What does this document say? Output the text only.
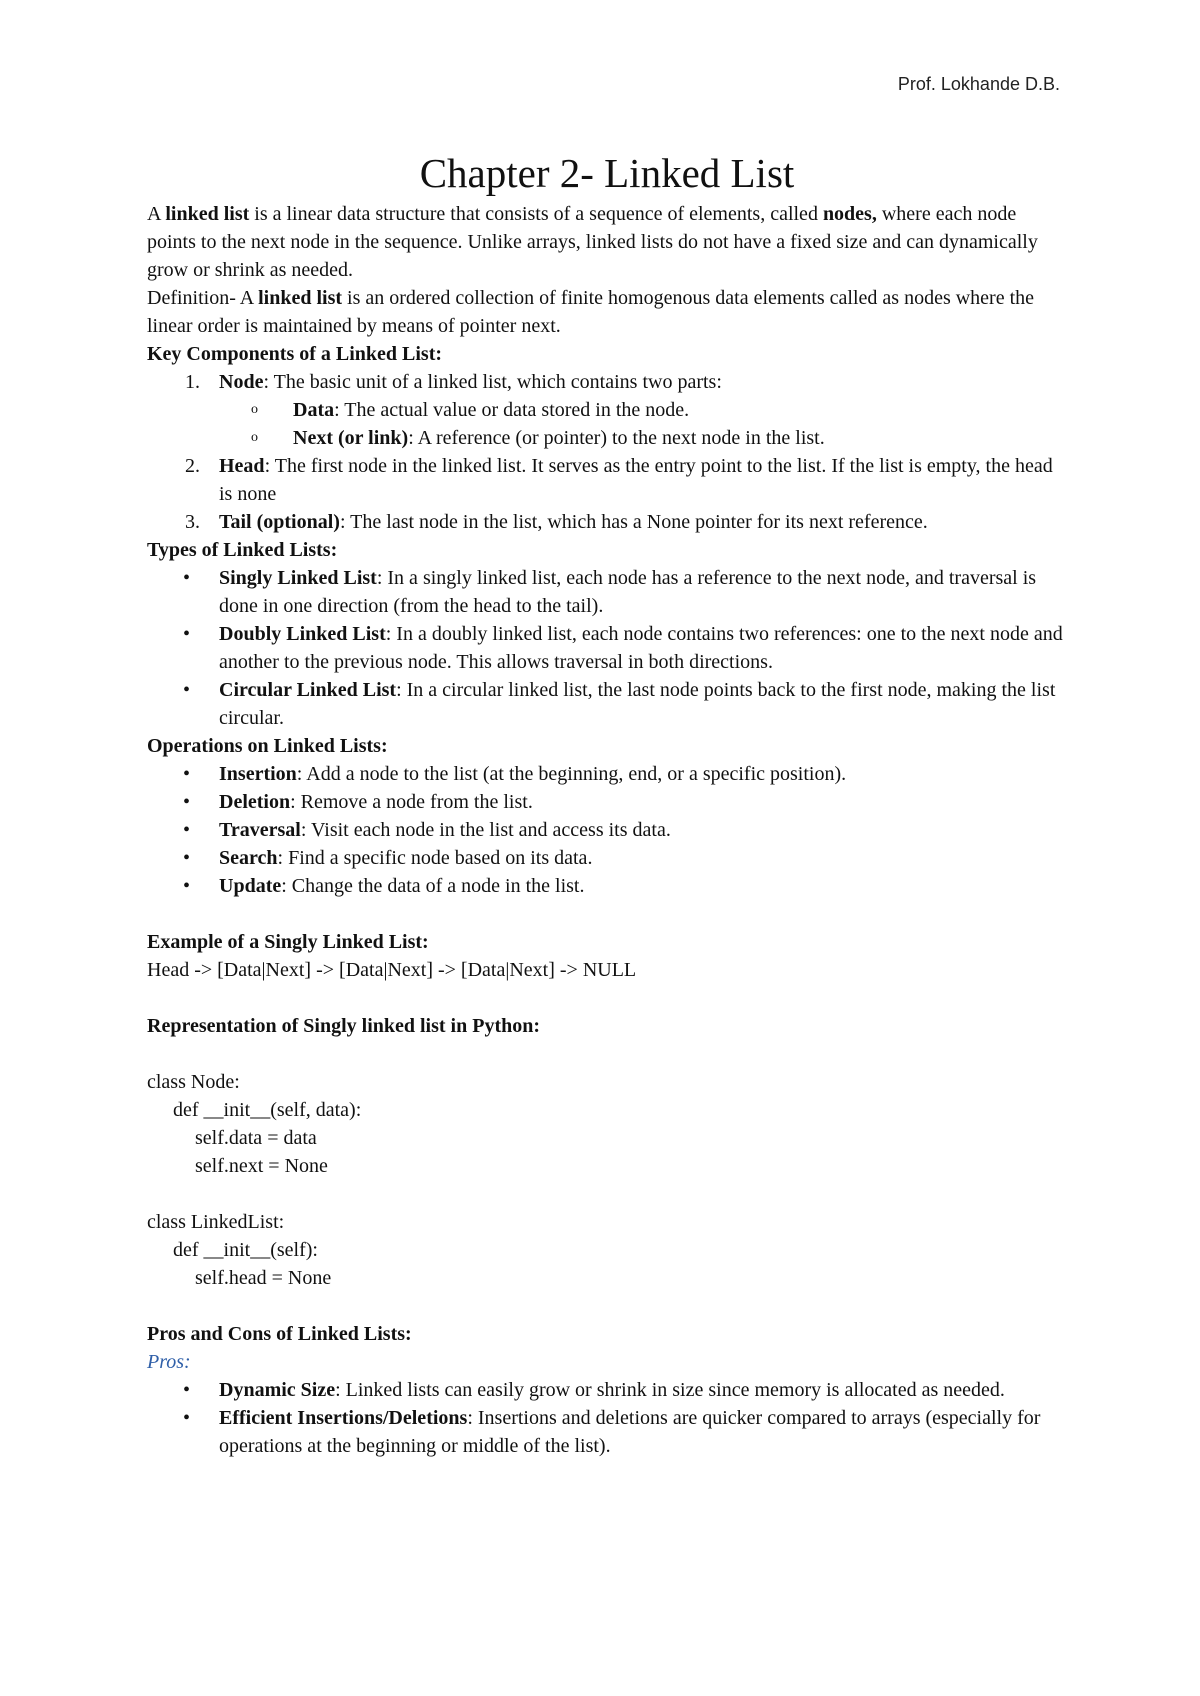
Prof. Lokhande D.B.
Chapter 2- Linked List

A linked list is a linear data structure that consists of a sequence of elements, called nodes, where each node points to the next node in the sequence. Unlike arrays, linked lists do not have a fixed size and can dynamically grow or shrink as needed.

Definition- A linked list is an ordered collection of finite homogenous data elements called as nodes where the linear order is maintained by means of pointer next.

Key Components of a Linked List:

1. Node: The basic unit of a linked list, which contains two parts:
o Data: The actual value or data stored in the node.
o Next (or link): A reference (or pointer) to the next node in the list.
2. Head: The first node in the linked list. It serves as the entry point to the list. If the list is empty, the head is none
3. Tail (optional): The last node in the list, which has a None pointer for its next reference.

Types of Linked Lists:

• Singly Linked List: In a singly linked list, each node has a reference to the next node, and traversal is done in one direction (from the head to the tail).
• Doubly Linked List: In a doubly linked list, each node contains two references: one to the next node and another to the previous node. This allows traversal in both directions.
• Circular Linked List: In a circular linked list, the last node points back to the first node, making the list circular.

Operations on Linked Lists:

• Insertion: Add a node to the list (at the beginning, end, or a specific position).
• Deletion: Remove a node from the list.
• Traversal: Visit each node in the list and access its data.
• Search: Find a specific node based on its data.
• Update: Change the data of a node in the list.

Example of a Singly Linked List:

Head -> [Data|Next] -> [Data|Next] -> [Data|Next] -> NULL

Representation of Singly linked list in Python:

class Node:

def __init__(self, data):

self.data = data

self.next = None

class LinkedList:

def __init__(self):

self.head = None

Pros and Cons of Linked Lists:

Pros:

• Dynamic Size: Linked lists can easily grow or shrink in size since memory is allocated as needed.
• Efficient Insertions/Deletions: Insertions and deletions are quicker compared to arrays (especially for operations at the beginning or middle of the list).
